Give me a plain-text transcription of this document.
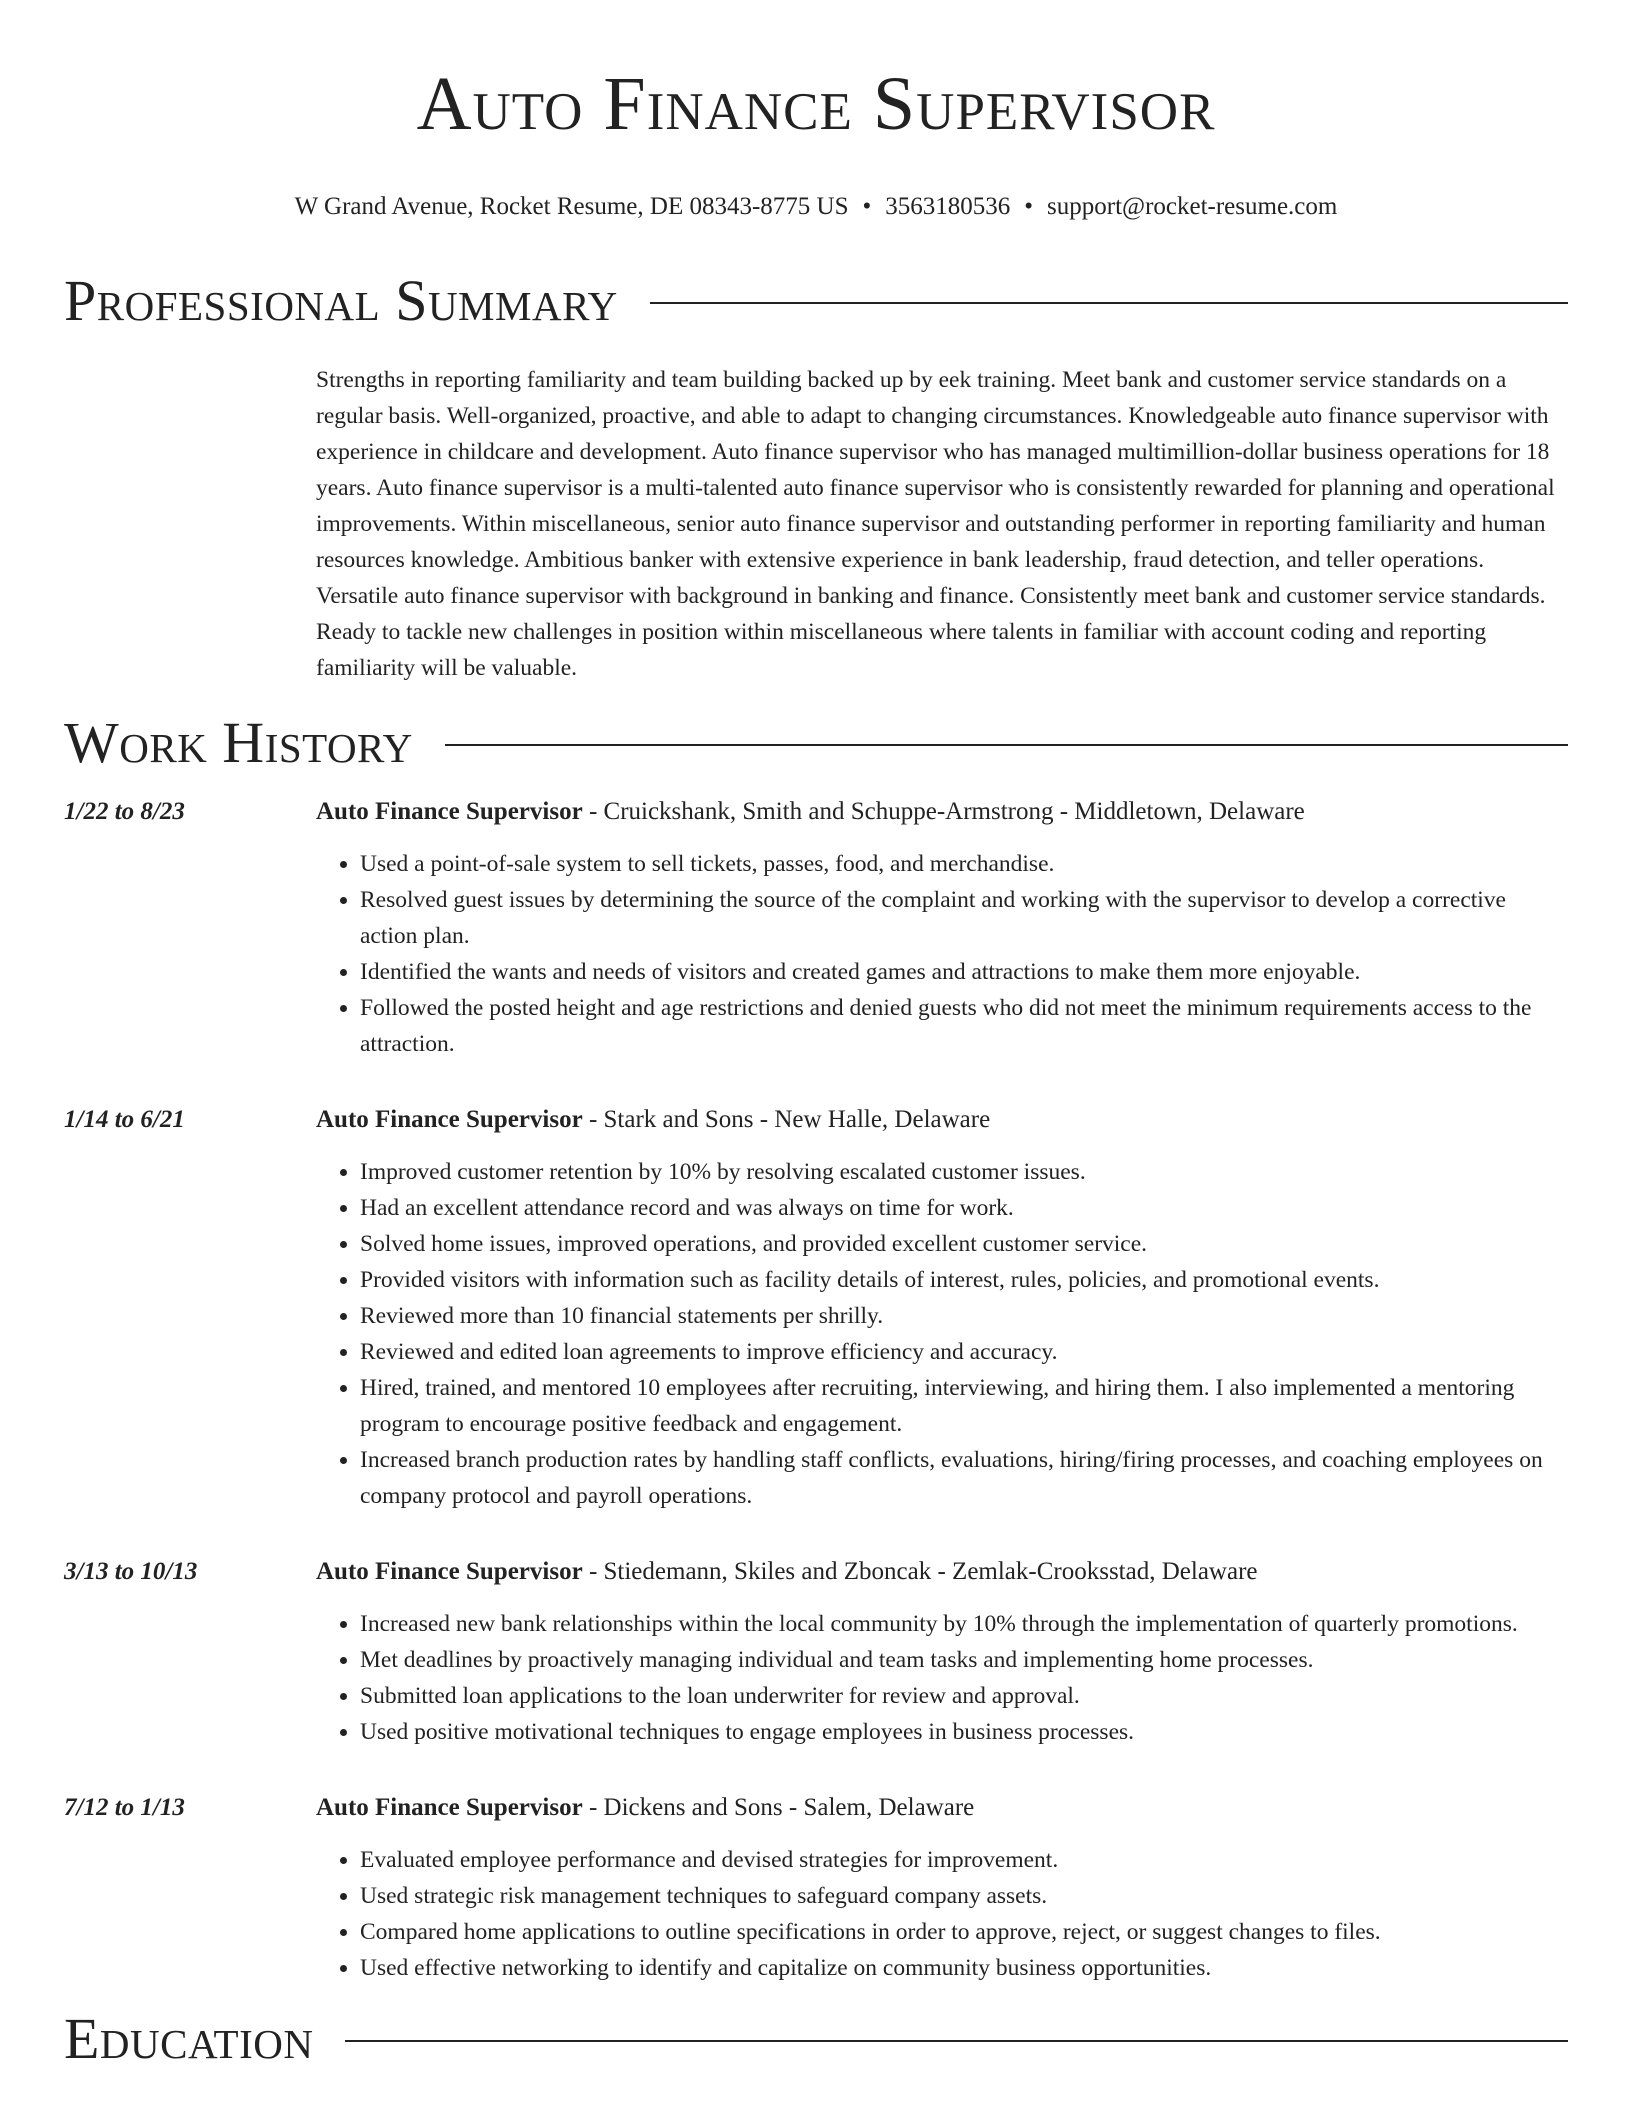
Auto Finance Supervisor
W Grand Avenue, Rocket Resume, DE 08343-8775 US • 3563180536 • support@rocket-resume.com
Professional Summary
Strengths in reporting familiarity and team building backed up by eek training. Meet bank and customer service standards on a regular basis. Well-organized, proactive, and able to adapt to changing circumstances. Knowledgeable auto finance supervisor with experience in childcare and development. Auto finance supervisor who has managed multimillion-dollar business operations for 18 years. Auto finance supervisor is a multi-talented auto finance supervisor who is consistently rewarded for planning and operational improvements. Within miscellaneous, senior auto finance supervisor and outstanding performer in reporting familiarity and human resources knowledge. Ambitious banker with extensive experience in bank leadership, fraud detection, and teller operations. Versatile auto finance supervisor with background in banking and finance. Consistently meet bank and customer service standards. Ready to tackle new challenges in position within miscellaneous where talents in familiar with account coding and reporting familiarity will be valuable.
Work History
1/22 to 8/23	Auto Finance Supervisor - Cruickshank, Smith and Schuppe-Armstrong - Middletown, Delaware
• Used a point-of-sale system to sell tickets, passes, food, and merchandise.
• Resolved guest issues by determining the source of the complaint and working with the supervisor to develop a corrective action plan.
• Identified the wants and needs of visitors and created games and attractions to make them more enjoyable.
• Followed the posted height and age restrictions and denied guests who did not meet the minimum requirements access to the attraction.
1/14 to 6/21	Auto Finance Supervisor - Stark and Sons - New Halle, Delaware
• Improved customer retention by 10% by resolving escalated customer issues.
• Had an excellent attendance record and was always on time for work.
• Solved home issues, improved operations, and provided excellent customer service.
• Provided visitors with information such as facility details of interest, rules, policies, and promotional events.
• Reviewed more than 10 financial statements per shrilly.
• Reviewed and edited loan agreements to improve efficiency and accuracy.
• Hired, trained, and mentored 10 employees after recruiting, interviewing, and hiring them. I also implemented a mentoring program to encourage positive feedback and engagement.
• Increased branch production rates by handling staff conflicts, evaluations, hiring/firing processes, and coaching employees on company protocol and payroll operations.
3/13 to 10/13	Auto Finance Supervisor - Stiedemann, Skiles and Zboncak - Zemlak-Crooksstad, Delaware
• Increased new bank relationships within the local community by 10% through the implementation of quarterly promotions.
• Met deadlines by proactively managing individual and team tasks and implementing home processes.
• Submitted loan applications to the loan underwriter for review and approval.
• Used positive motivational techniques to engage employees in business processes.
7/12 to 1/13	Auto Finance Supervisor - Dickens and Sons - Salem, Delaware
• Evaluated employee performance and devised strategies for improvement.
• Used strategic risk management techniques to safeguard company assets.
• Compared home applications to outline specifications in order to approve, reject, or suggest changes to files.
• Used effective networking to identify and capitalize on community business opportunities.
Education
